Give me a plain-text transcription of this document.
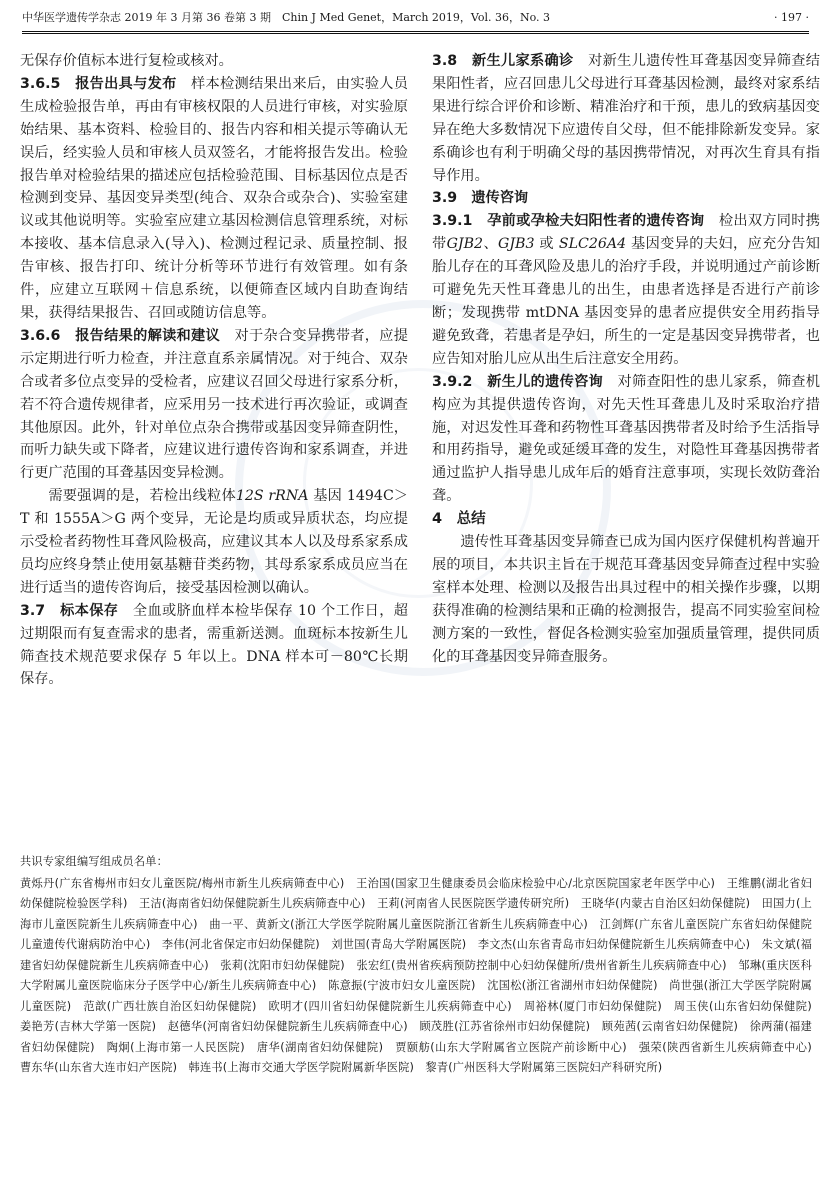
中华医学遗传学杂志 2019 年 3 月第 36 卷第 3 期　Chin J Med Genet，March 2019，Vol. 36，No. 3	· 197 ·

无保存价值标本进行复检或核对。

3.6.5　 报告出具与发布　样本检测结果出来后，由实验人员生成检验报告单，再由有审核权限的人员进行审核，对实验原始结果、基本资料、检验目的、报告内容和相关提示等确认无误后，经实验人员和审核人员双签名，才能将报告发出。检验报告单对检验结果的描述应包括检验范围、目标基因位点是否检测到变异、基因变异类型(纯合、双杂合或杂合)、实验室建议或其他说明等。实验室应建立基因检测信息管理系统，对标本接收、基本信息录入(导入)、检测过程记录、质量控制、报告审核、报告打印、统计分析等环节进行有效管理。如有条件，应建立互联网＋信息系统，以便筛查区域内自助查询结果，获得结果报告、召回或随访信息等。

3.6.6　 报告结果的解读和建议　对于杂合变异携带者，应提示定期进行听力检查，并注意直系亲属情况。对于纯合、双杂合或者多位点变异的受检者，应建议召回父母进行家系分析，若不符合遗传规律者，应采用另一技术进行再次验证，或调查其他原因。此外，针对单位点杂合携带或基因变异筛查阴性，而听力缺失或下降者，应建议进行遗传咨询和家系调查，并进行更广范围的耳聋基因变异检测。

需要强调的是，若检出线粒体12S rRNA 基因 1494C＞T 和 1555A＞G 两个变异，无论是均质或异质状态，均应提示受检者药物性耳聋风险极高，应建议其本人以及母系家系成员均应终身禁止使用氨基糖苷类药物，其母系家系成员应当在进行适当的遗传咨询后，接受基因检测以确认。

3.7　 标本保存　全血或脐血样本检毕保存 10 个工作日，超过期限而有复查需求的患者，需重新送测。血斑标本按新生儿筛查技术规范要求保存 5 年以上。DNA 样本可－80℃长期保存。

3.8　 新生儿家系确诊　对新生儿遗传性耳聋基因变异筛查结果阳性者，应召回患儿父母进行耳聋基因检测，最终对家系结果进行综合评价和诊断、精准治疗和干预，患儿的致病基因变异在绝大多数情况下应遗传自父母，但不能排除新发变异。家系确诊也有利于明确父母的基因携带情况，对再次生育具有指导作用。

3.9　 遗传咨询

3.9.1　 孕前或孕检夫妇阳性者的遗传咨询　检出双方同时携带GJB2、GJB3 或 SLC26A4 基因变异的夫妇，应充分告知胎儿存在的耳聋风险及患儿的治疗手段，并说明通过产前诊断可避免先天性耳聋患儿的出生，由患者选择是否进行产前诊断；发现携带 mtDNA 基因变异的患者应提供安全用药指导避免致聋，若患者是孕妇，所生的一定是基因变异携带者，也应告知对胎儿应从出生后注意安全用药。

3.9.2　 新生儿的遗传咨询　对筛查阳性的患儿家系，筛查机构应为其提供遗传咨询，对先天性耳聋患儿及时采取治疗措施，对迟发性耳聋和药物性耳聋基因携带者及时给予生活指导和用药指导，避免或延缓耳聋的发生，对隐性耳聋基因携带者通过监护人指导患儿成年后的婚育注意事项，实现长效防聋治聋。

4　 总结

遗传性耳聋基因变异筛查已成为国内医疗保健机构普遍开展的项目，本共识主旨在于规范耳聋基因变异筛查过程中实验室样本处理、检测以及报告出具过程中的相关操作步骤，以期获得准确的检测结果和正确的检测报告，提高不同实验室间检测方案的一致性，督促各检测实验室加强质量管理，提供同质化的耳聋基因变异筛查服务。

共识专家组编写组成员名单：

黄烁丹(广东省梅州市妇女儿童医院/梅州市新生儿疾病筛查中心)　王治国(国家卫生健康委员会临床检验中心/北京医院国家老年医学中心)　王维鹏(湖北省妇幼保健院检验医学科)　王洁(海南省妇幼保健院新生儿疾病筛查中心)　王莉(河南省人民医院医学遗传研究所)　王晓华(内蒙古自治区妇幼保健院)　田国力(上海市儿童医院新生儿疾病筛查中心)　曲一平、黄新文(浙江大学医学院附属儿童医院浙江省新生儿疾病筛查中心)　江剑辉(广东省儿童医院广东省妇幼保健院儿童遗传代谢病防治中心)　李伟(河北省保定市妇幼保健院)　刘世国(青岛大学附属医院)　李文杰(山东省青岛市妇幼保健院新生儿疾病筛查中心)　朱文斌(福建省妇幼保健院新生儿疾病筛查中心)　张莉(沈阳市妇幼保健院)　张宏红(贵州省疾病预防控制中心妇幼保健所/贵州省新生儿疾病筛查中心)　邹琳(重庆医科大学附属儿童医院临床分子医学中心/新生儿疾病筛查中心)　陈意振(宁波市妇女儿童医院)　沈国松(浙江省湖州市妇幼保健院)　尚世强(浙江大学医学院附属儿童医院)　范歆(广西壮族自治区妇幼保健院)　欧明才(四川省妇幼保健院新生儿疾病筛查中心)　周裕林(厦门市妇幼保健院)　周玉侠(山东省妇幼保健院)　姜艳芳(吉林大学第一医院)　赵德华(河南省妇幼保健院新生儿疾病筛查中心)　顾茂胜(江苏省徐州市妇幼保健院)　顾苑茜(云南省妇幼保健院)　徐两蒲(福建省妇幼保健院)　陶炯(上海市第一人民医院)　唐华(湖南省妇幼保健院)　贾颐舫(山东大学附属省立医院产前诊断中心)　强荣(陕西省新生儿疾病筛查中心)　曹东华(山东省大连市妇产医院)　韩连书(上海市交通大学医学院附属新华医院)　黎青(广州医科大学附属第三医院妇产科研究所)
